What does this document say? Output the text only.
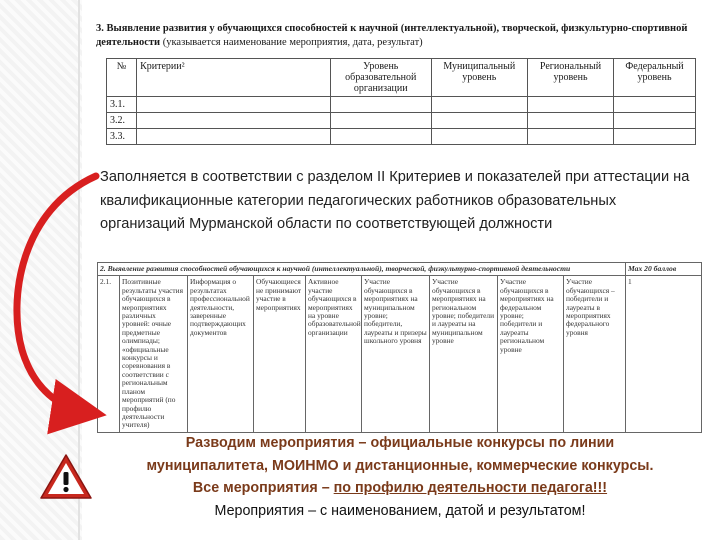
3. Выявление развития у обучающихся способностей к научной (интеллектуальной), творческой, физкультурно-спортивной деятельности (указывается наименование мероприятия, дата, результат)

№	Критерии²	Уровень образовательной организации	Муниципальный уровень	Региональный уровень	Федеральный уровень
3.1.					
3.2.					
3.3.					
Заполняется в соответствии с разделом II Критериев и показателей при аттестации на квалификационные категории педагогических работников образовательных организаций Мурманской области по соответствующей должности
2. Выявление развития способностей обучающихся к научной (интеллектуальной), творческой, физкультурно-спортивной деятельности									Мах 20 баллов
2.1.	Позитивные результаты участия обучающихся в мероприятиях различных уровней: очные предметные олимпиады; «официальные конкурсы и соревнования в соответствии с региональным планом мероприятий (по профилю деятельности учителя)	Информация о результатах профессиональной деятельности, заверенные подтверждающих документов	Обучающиеся не принимают участие в мероприятиях	Активное участие обучающихся в мероприятиях на уровне образовательной организации	Участие обучающихся в мероприятиях на муниципальном уровне; победители, лауреаты и призеры школьного уровня	Участие обучающихся в мероприятиях на региональном уровне; победители и лауреаты на муниципальном уровне	Участие обучающихся в мероприятиях на федеральном уровне; победители и лауреаты региональном уровне	Участие обучающихся – победители и лауреаты в мероприятиях федерального уровня	1
Разводим мероприятия – официальные конкурсы по линии
муниципалитета, МОИНМО и дистанционные, коммерческие конкурсы.
Все мероприятия – по профилю деятельности педагога!!!
Мероприятия – с наименованием, датой и результатом!
